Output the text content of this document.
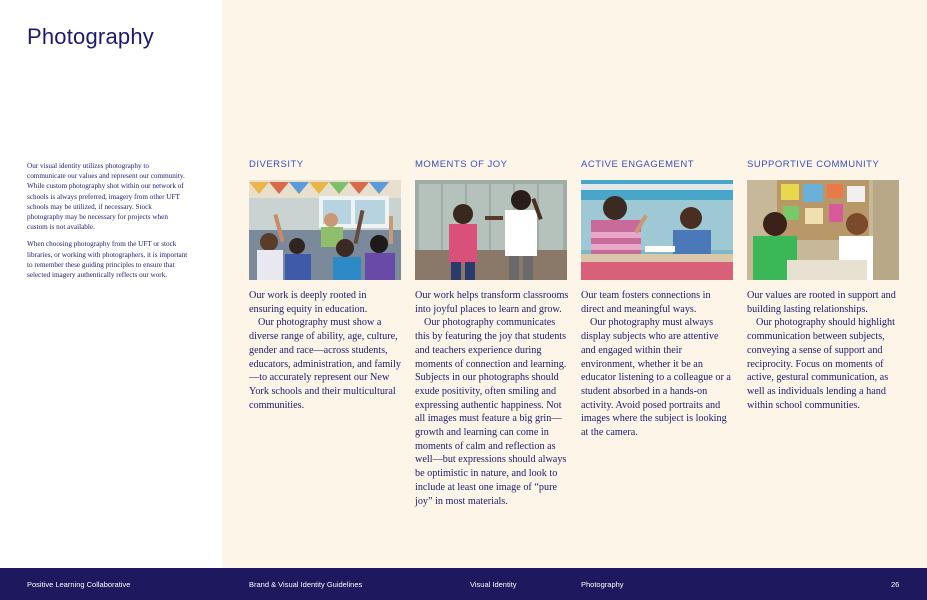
Photography

Our visual identity utilizes photography to communicate our values and represent our community. While custom photography shot within our network of schools is always preferred, imagery from other UFT schools may be utilized, if necessary. Stock photography may be necessary for projects when custom is not available.

When choosing photography from the UFT or stock libraries, or working with photographers, it is important to remember these guiding principles to ensure that selected imagery authentically reflects our work.

DIVERSITY

Our work is deeply rooted in ensuring equity in education.

Our photography must show a diverse range of ability, age, culture, gender and race—across students, educators, administration, and family—to accurately represent our New York schools and their multicultural communities.

MOMENTS OF JOY

Our work helps transform classrooms into joyful places to learn and grow.

Our photography communicates this by featuring the joy that students and teachers experience during moments of connection and learning. Subjects in our photographs should exude positivity, often smiling and expressing authentic happiness. Not all images must feature a big grin—growth and learning can come in moments of calm and reflection as well—but expressions should always be optimistic in nature, and look to include at least one image of “pure joy” in most materials.

ACTIVE ENGAGEMENT

Our team fosters connections in direct and meaningful ways.

Our photography must always display subjects who are attentive and engaged within their environment, whether it be an educator listening to a colleague or a student absorbed in a hands-on activity. Avoid posed portraits and images where the subject is looking at the camera.

SUPPORTIVE COMMUNITY

Our values are rooted in support and building lasting relationships.

Our photography should highlight communication between subjects, conveying a sense of support and reciprocity. Focus on moments of active, gestural communication, as well as individuals lending a hand within school communities.

Positive Learning Collaborative	Brand & Visual Identity Guidelines	Visual Identity	Photography	26
